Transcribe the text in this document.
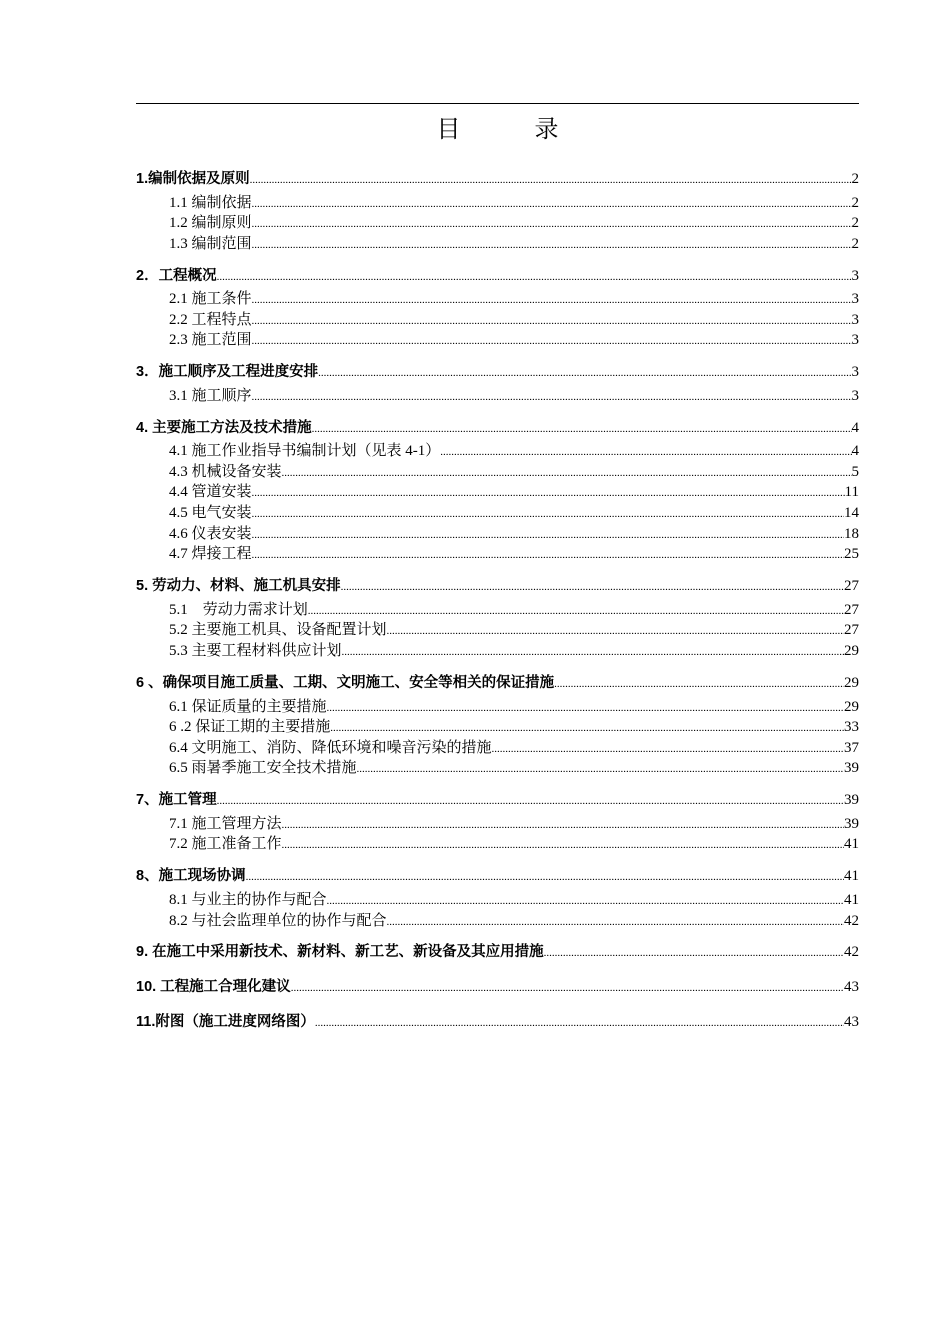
目 录
1.编制依据及原则 .....	2
1.1 编制依据 .....	2
1.2 编制原则 .....	2
1.3 编制范围 .....	2
2．工程概况 .....	3
2.1 施工条件 .....	3
2.2 工程特点 .....	3
2.3 施工范围 .....	3
3．施工顺序及工程进度安排 .....	3
3.1 施工顺序 .....	3
4. 主要施工方法及技术措施 .....	4
4.1 施工作业指导书编制计划（见表 4-1） .....	4
4.3 机械设备安装 .....	5
4.4 管道安装 .....	11
4.5 电气安装 .....	14
4.6 仪表安装 .....	18
4.7 焊接工程 .....	25
5. 劳动力、材料、施工机具安排 .....	27
5.1　劳动力需求计划 .....	27
5.2 主要施工机具、设备配置计划 .....	27
5.3 主要工程材料供应计划 .....	29
6 、确保项目施工质量、工期、文明施工、安全等相关的保证措施 .....	29
6.1 保证质量的主要措施 .....	29
6 .2 保证工期的主要措施 .....	33
6.4 文明施工、消防、降低环境和噪音污染的措施 .....	37
6.5 雨暑季施工安全技术措施 .....	39
7、施工管理 .....	39
7.1 施工管理方法 .....	39
7.2 施工准备工作 .....	41
8、施工现场协调 .....	41
8.1 与业主的协作与配合 .....	41
8.2 与社会监理单位的协作与配合 .....	42
9. 在施工中采用新技术、新材料、新工艺、新设备及其应用措施 .....	42
10. 工程施工合理化建议 .....	43
11.附图（施工进度网络图） .....	43
